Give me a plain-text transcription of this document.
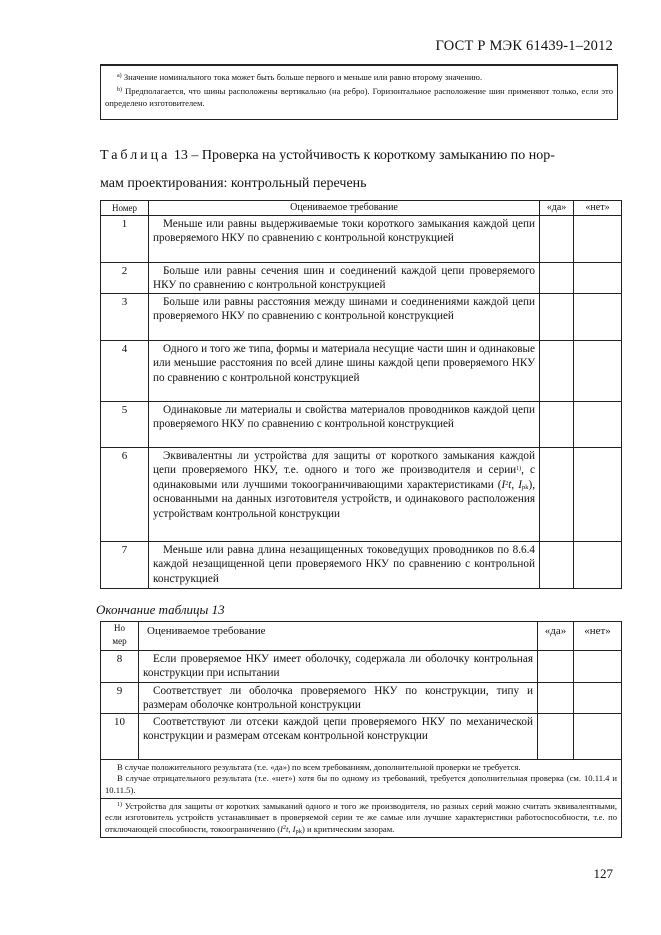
ГОСТ Р МЭК 61439-1–2012
$^{a)}$ Значение номинального тока может быть больше первого и меньше или равно второму значению.
$^{b)}$ Предполагается, что шины расположены вертикально (на ребро). Горизонтальное расположение шин применяют только, если это определено изготовителем.
Таблица 13 – Проверка на устойчивость к короткому замыканию по нор-
мам проектирования: контрольный перечень
Номер	Оцениваемое требование	«да»	«нет»
1	Меньше или равны выдерживаемые токи короткого замыкания каждой цепи проверяемого НКУ по сравнению с контрольной конструкцией		
2	Больше или равны сечения шин и соединений каждой цепи проверяемого НКУ по сравнению с контрольной конструкцией		
3	Больше или равны расстояния между шинами и соединениями каждой цепи проверяемого НКУ по сравнению с контрольной конструкцией		
4	Одного и того же типа, формы и материала несущие части шин и одинаковые или меньшие расстояния по всей длине шины каждой цепи проверяемого НКУ по сравнению с контрольной конструкцией		
5	Одинаковые ли материалы и свойства материалов проводников каждой цепи проверяемого НКУ по сравнению с контрольной конструкцией		
6	Эквивалентны ли устройства для защиты от короткого замыкания каждой цепи проверяемого НКУ, т.е. одного и того же производителя и серии$^{1)}$, с одинаковыми или лучшими токоограничивающими характеристиками ($I^2t$, $I_{pk}$), основанными на данных изготовителя устройств, и одинакового расположения устройствам контрольной конструкции		
7	Меньше или равна длина незащищенных токоведущих проводников по 8.6.4 каждой незащищенной цепи проверяемого НКУ по сравнению с контрольной конструкцией		
Окончание таблицы 13
Но
мер	Оцениваемое требование	«да»	«нет»
8	Если проверяемое НКУ имеет оболочку, содержала ли оболочку контрольная конструкции при испытании		
9	Соответствует ли оболочка проверяемого НКУ по конструкции, типу и размерам оболочке контрольной конструкции		
10	Соответствуют ли отсеки каждой цепи проверяемого НКУ по механической конструкции и размерам отсекам контрольной конструкции		

В случае положительного результата (т.е. «да») по всем требованиям, дополнительной проверки не требуется.

В случае отрицательного результата (т.е. «нет») хотя бы по одному из требований, требуется дополнительная проверка (см. 10.11.4 и 10.11.5).			

$^{1)}$ Устройства для защиты от коротких замыканий одного и того же производителя, но разных серий можно считать эквивалентными, если изготовитель устройств устанавливает в проверяемой серии те же самые или лучшие характеристики работоспособности, т.е. по отключающей способности, токоограничению ($I^2t$, $I_{pk}$) и критическим зазорам.			

127
